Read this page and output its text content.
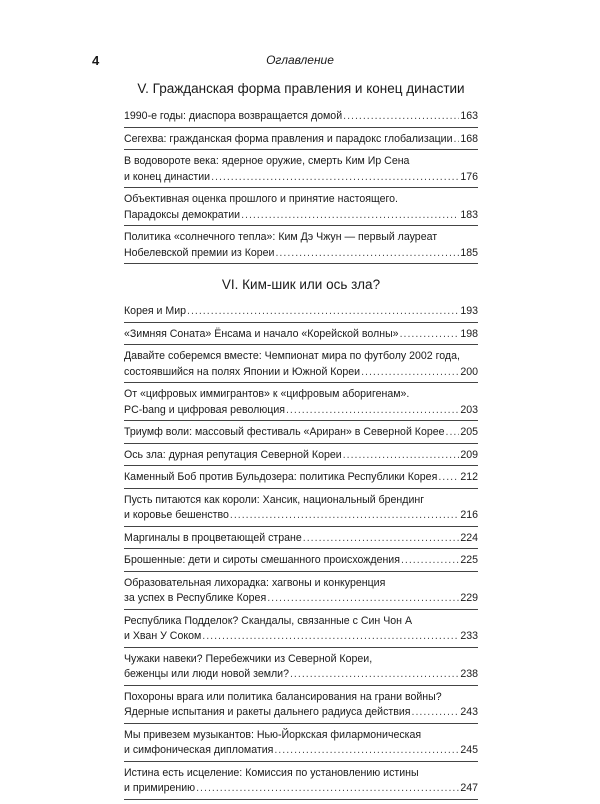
4	Оглавление
V. Гражданская форма правления и конец династии
1990-е годы: диаспора возвращается домой .....	163
Сегехва: гражданская форма правления и парадокс глобализации ..... 168
В водовороте века: ядерное оружие, смерть Ким Ир Сена
и конец династии .....	176
Объективная оценка прошлого и принятие настоящего.
Парадоксы демократии .....	183
Политика «солнечного тепла»: Ким Дэ Чжун — первый лауреат
Нобелевской премии из Кореи .....	185
VI. Ким-шик или ось зла?
Корея и Мир .....	193
«Зимняя Соната» Ёнсама и начало «Корейской волны» .....	198
Давайте соберемся вместе: Чемпионат мира по футболу 2002 года,
состоявшийся на полях Японии и Южной Кореи .....	200
От «цифровых иммигрантов» к «цифровым аборигенам».
PC-bang и цифровая революция .....	203
Триумф воли: массовый фестиваль «Ариран» в Северной Корее ..... 205
Ось зла: дурная репутация Северной Кореи .....	209
Каменный Боб против Бульдозера: политика Республики Корея ..... 212
Пусть питаются как короли: Хансик, национальный брендинг
и коровье бешенство .....	216
Маргиналы в процветающей стране .....	224
Брошенные: дети и сироты смешанного происхождения .....	225
Образовательная лихорадка: хагвоны и конкуренция
за успех в Республике Корея .....	229
Республика Подделок? Скандалы, связанные с Син Чон А
и Хван У Соком .....	233
Чужаки навеки? Перебежчики из Северной Кореи,
беженцы или люди новой земли? .....	238
Похороны врага или политика балансирования на грани войны?
Ядерные испытания и ракеты дальнего радиуса действия .....	243
Мы привезем музыкантов: Нью-Йоркская филармоническая
и симфоническая дипломатия .....	245
Истина есть исцеление: Комиссия по установлению истины
и примирению .....	247
